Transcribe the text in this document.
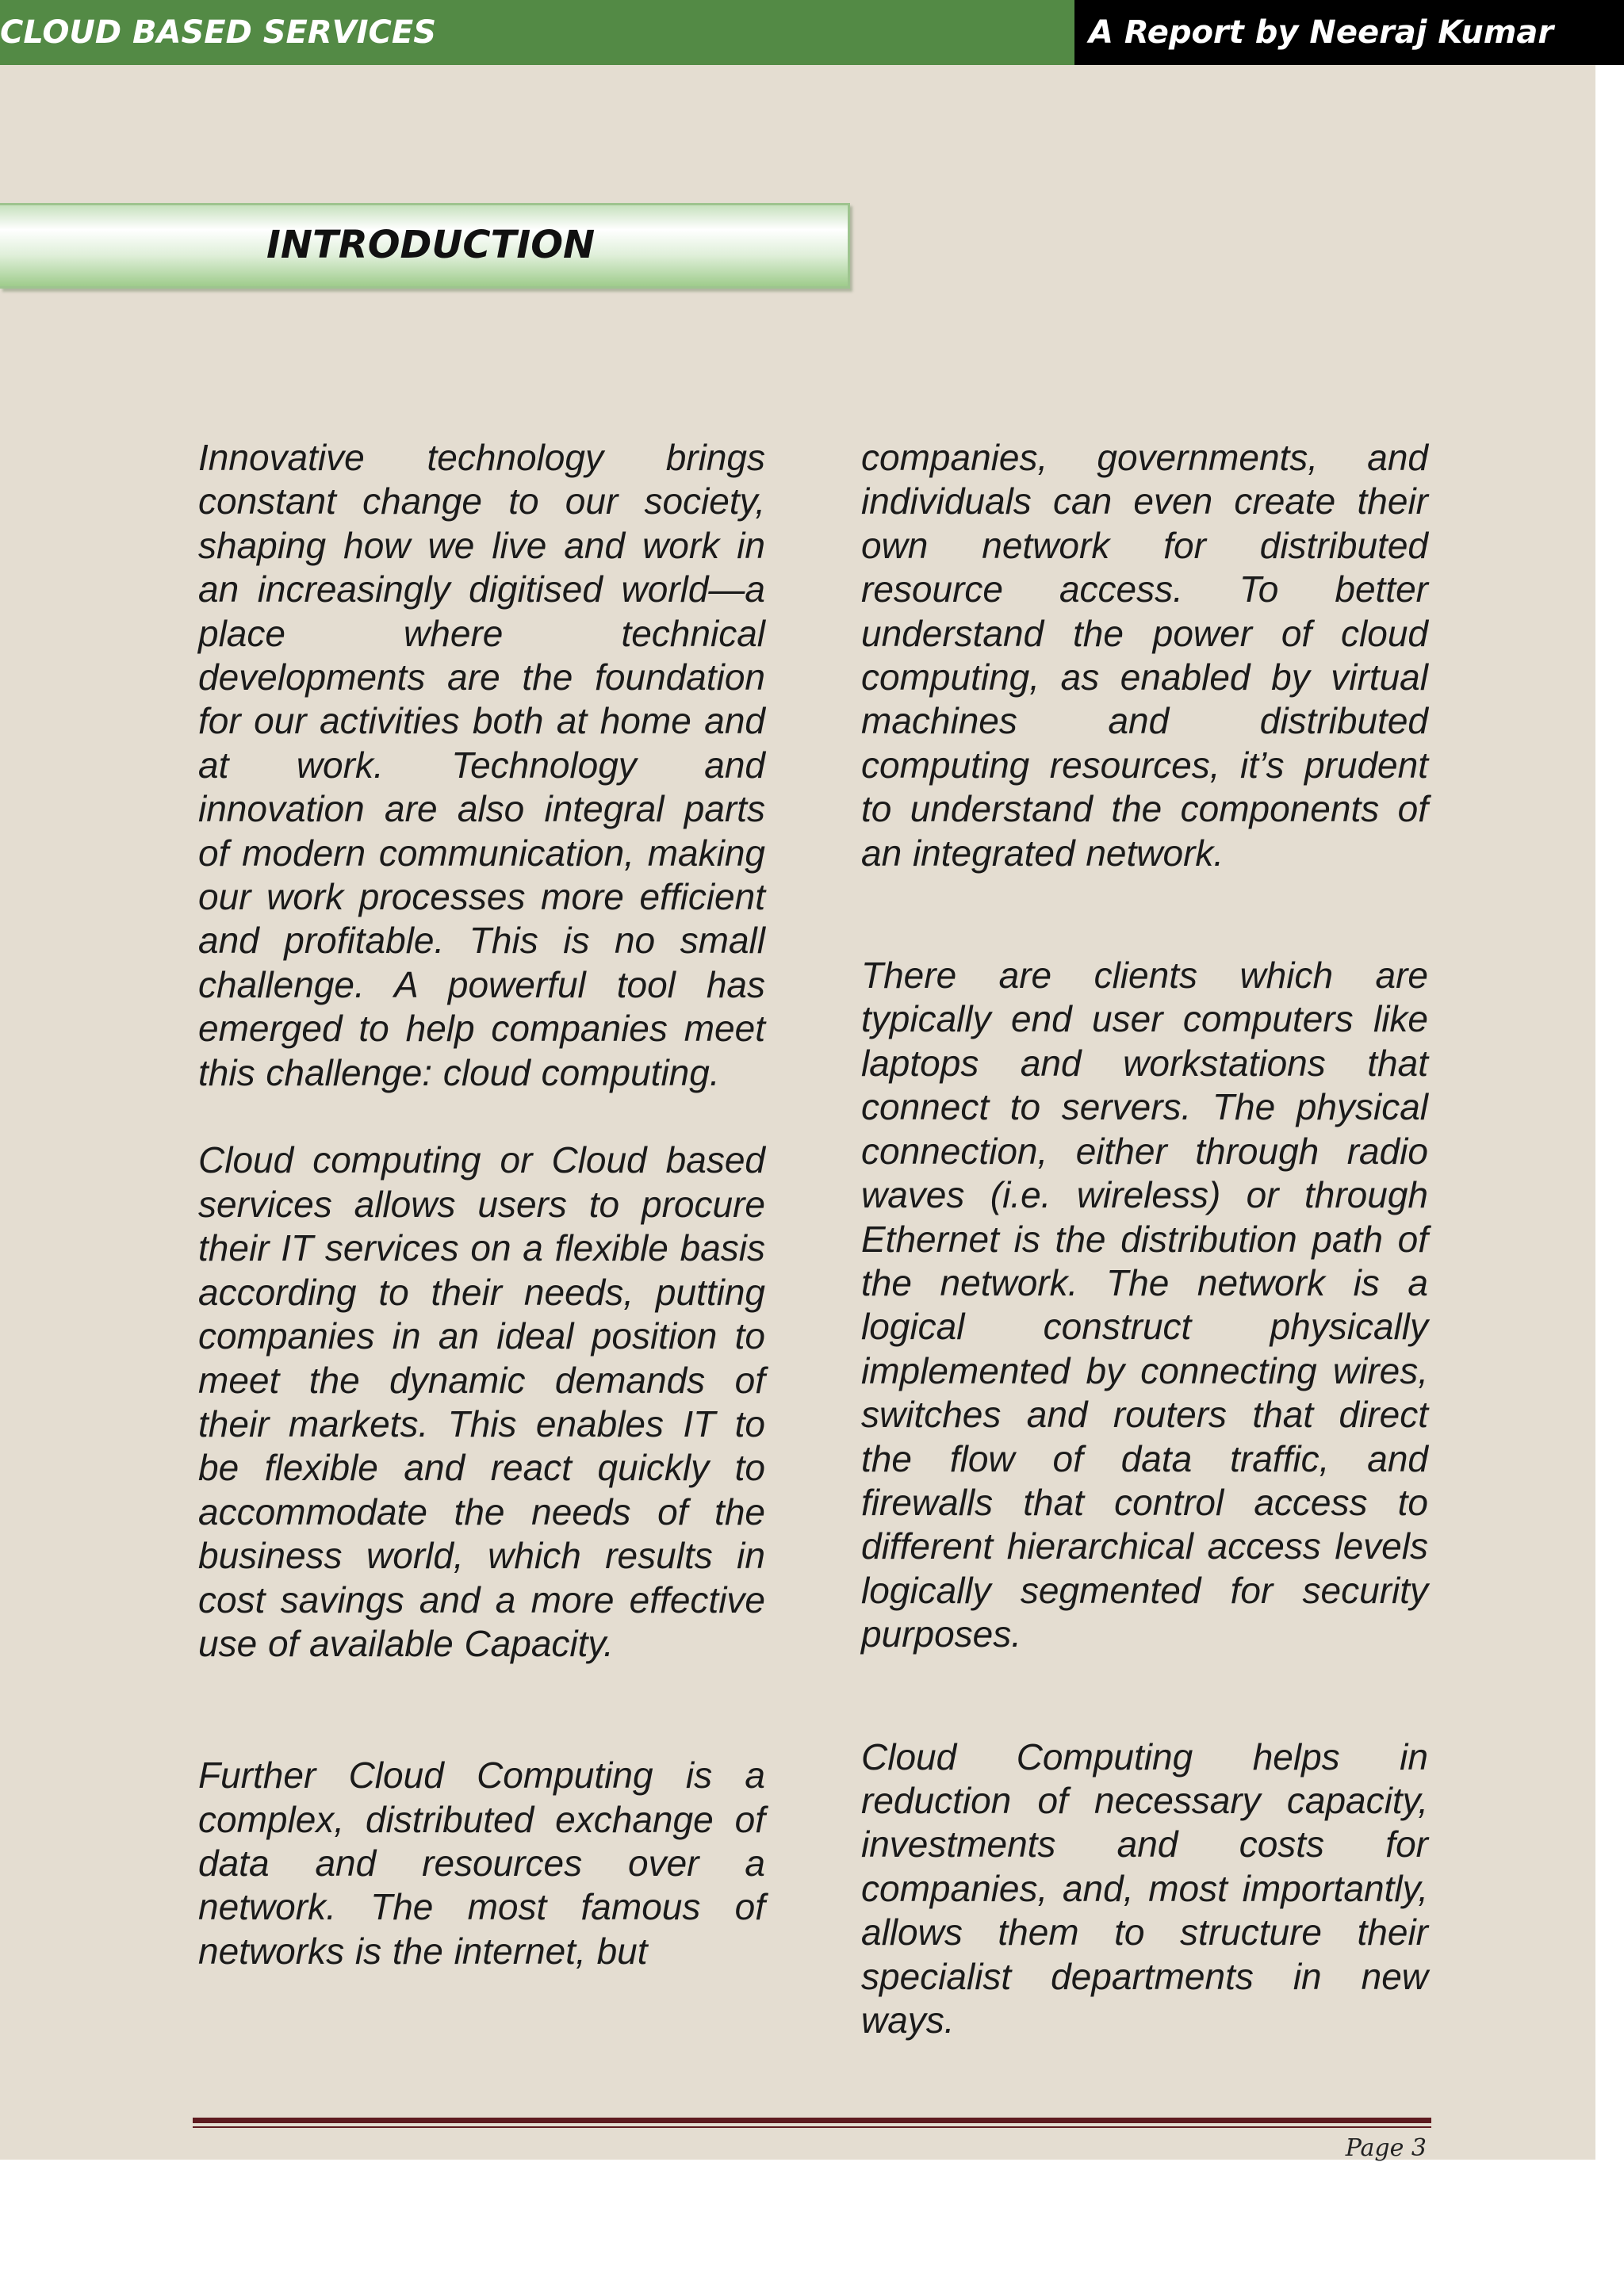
CLOUD BASED SERVICES	A Report by Neeraj Kumar
INTRODUCTION

Innovative technology brings constant change to our society, shaping how we live and work in an increasingly digitised world—a place where technical developments are the foundation for our activities both at home and at work. Technology and innovation are also integral parts of modern communication, making our work processes more efficient and profitable. This is no small challenge. A powerful tool has emerged to help companies meet this challenge: cloud computing.

Cloud computing or Cloud based services allows users to procure their IT services on a flexible basis according to their needs, putting companies in an ideal position to meet the dynamic demands of their markets. This enables IT to be flexible and react quickly to accommodate the needs of the business world, which results in cost savings and a more effective use of available Capacity.

Further Cloud Computing is a complex, distributed exchange of data and resources over a network. The most famous of networks is the internet, but

companies, governments, and individuals can even create their own network for distributed resource access. To better understand the power of cloud computing, as enabled by virtual machines and distributed computing resources, it’s prudent to understand the components of an integrated network.

There are clients which are typically end user computers like laptops and workstations that connect to servers. The physical connection, either through radio waves (i.e. wireless) or through Ethernet is the distribution path of the network. The network is a logical construct physically implemented by connecting wires, switches and routers that direct the flow of data traffic, and firewalls that control access to different hierarchical access levels logically segmented for security purposes.

Cloud Computing helps in reduction of necessary capacity, investments and costs for companies, and, most importantly, allows them to structure their specialist departments in new ways.

Page 3
